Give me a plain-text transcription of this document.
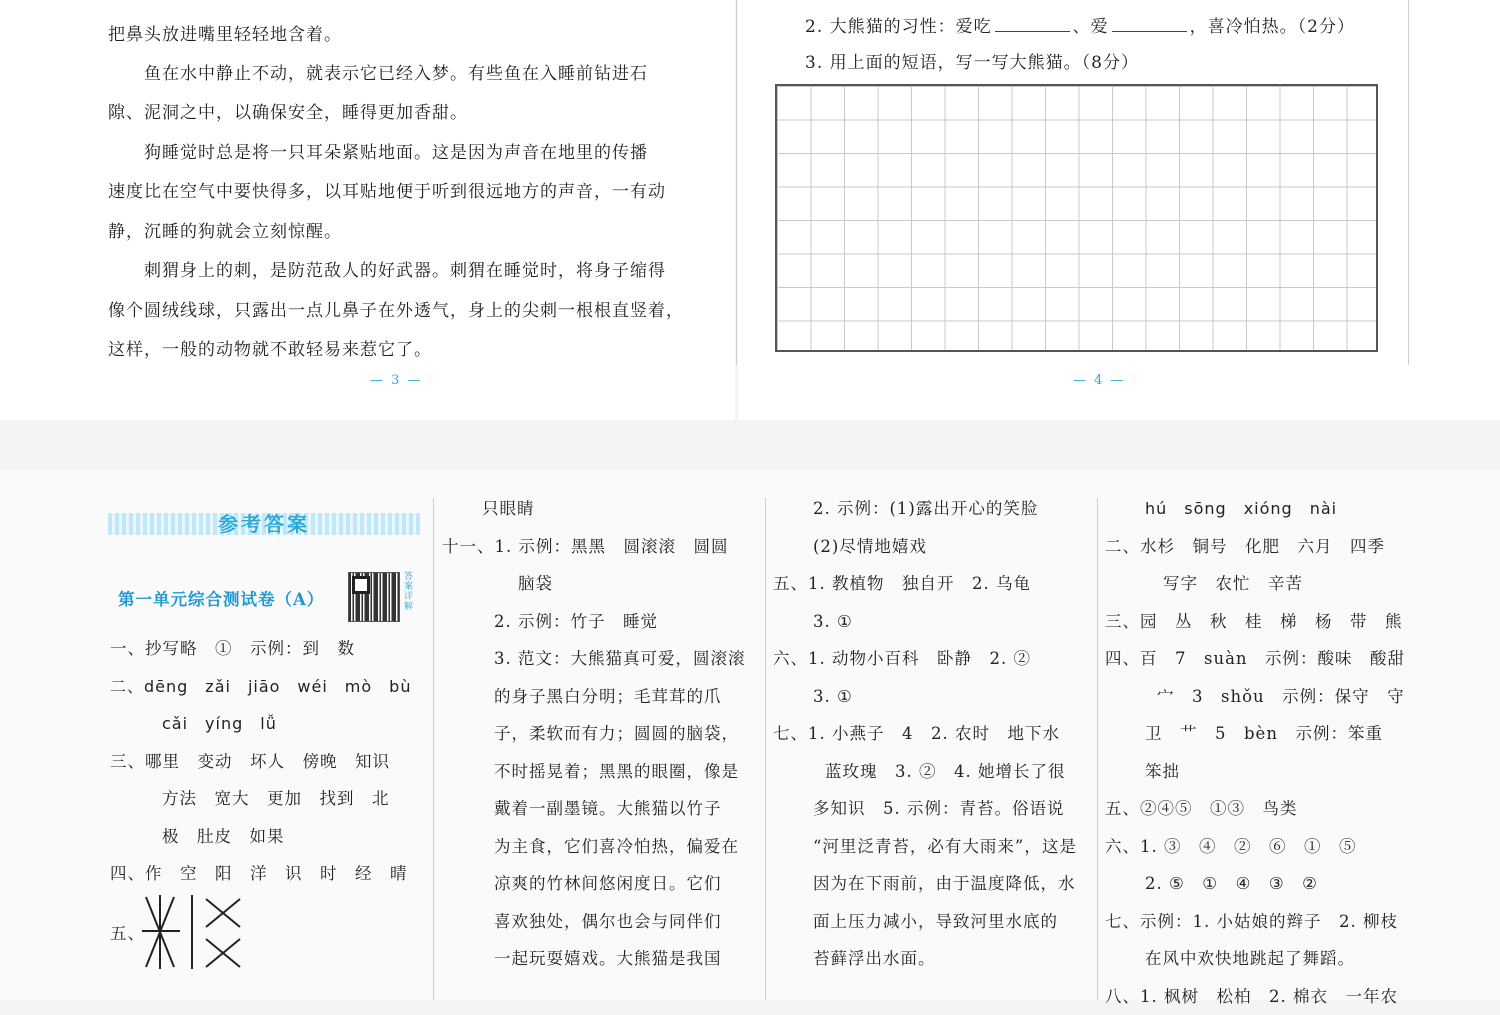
把鼻头放进嘴里轻轻地含着。

　　鱼在水中静止不动，就表示它已经入梦。有些鱼在入睡前钻进石

隙、泥洞之中，以确保安全，睡得更加香甜。

　　狗睡觉时总是将一只耳朵紧贴地面。这是因为声音在地里的传播

速度比在空气中要快得多，以耳贴地便于听到很远地方的声音，一有动

静，沉睡的狗就会立刻惊醒。

　　刺猬身上的刺，是防范敌人的好武器。刺猬在睡觉时，将身子缩得

像个圆绒线球，只露出一点儿鼻子在外透气，身上的尖刺一根根直竖着，

这样，一般的动物就不敢轻易来惹它了。

— 3 —
2. 大熊猫的习性：爱吃	、爱	，喜冷怕热。（2分）
3. 用上面的短语，写一写大熊猫。（8分）
— 4 —
参考答案
第一单元综合测试卷（A）
答案详解
一、抄写略　①　示例：到　数
二、dēng　zǎi　jiāo　wéi　mò　bù
cǎi　yíng　lǚ
三、哪里　变动　坏人　傍晚　知识
方法　宽大　更加　找到　北
极　肚皮　如果
四、作　空　阳　洋　识　时　经　晴
五、
只眼睛
十一、1. 示例：黑黑　圆滚滚　圆圆
脑袋
2. 示例：竹子　睡觉
3. 范文：大熊猫真可爱，圆滚滚
的身子黑白分明；毛茸茸的爪
子，柔软而有力；圆圆的脑袋，
不时摇晃着；黑黑的眼圈，像是
戴着一副墨镜。大熊猫以竹子
为主食，它们喜冷怕热，偏爱在
凉爽的竹林间悠闲度日。它们
喜欢独处，偶尔也会与同伴们
一起玩耍嬉戏。大熊猫是我国
2. 示例：(1)露出开心的笑脸
(2)尽情地嬉戏
五、1. 教植物　独自开　2. 乌龟
3. ①
六、1. 动物小百科　卧静　2. ②
3. ①
七、1. 小燕子　4　2. 农时　地下水
蓝玫瑰　3. ②　4. 她增长了很
多知识　5. 示例：青苔。俗语说
“河里泛青苔，必有大雨来”，这是
因为在下雨前，由于温度降低，水
面上压力减小，导致河里水底的
苔藓浮出水面。
hú　sōng　xióng　nài
二、水杉　铜号　化肥　六月　四季
写字　农忙　辛苦
三、园　丛　秋　桂　梯　杨　带　熊
四、百　7　suàn　示例：酸味　酸甜
宀　3　shǒu　示例：保守　守
卫　艹　5　bèn　示例：笨重
笨拙
五、②④⑤　①③　鸟类
六、1. ③　④　②　⑥　①　⑤
2. ⑤　①　④　③　②
七、示例：1. 小姑娘的辫子　2. 柳枝
在风中欢快地跳起了舞蹈。
八、1. 枫树　松柏　2. 棉衣　一年农
